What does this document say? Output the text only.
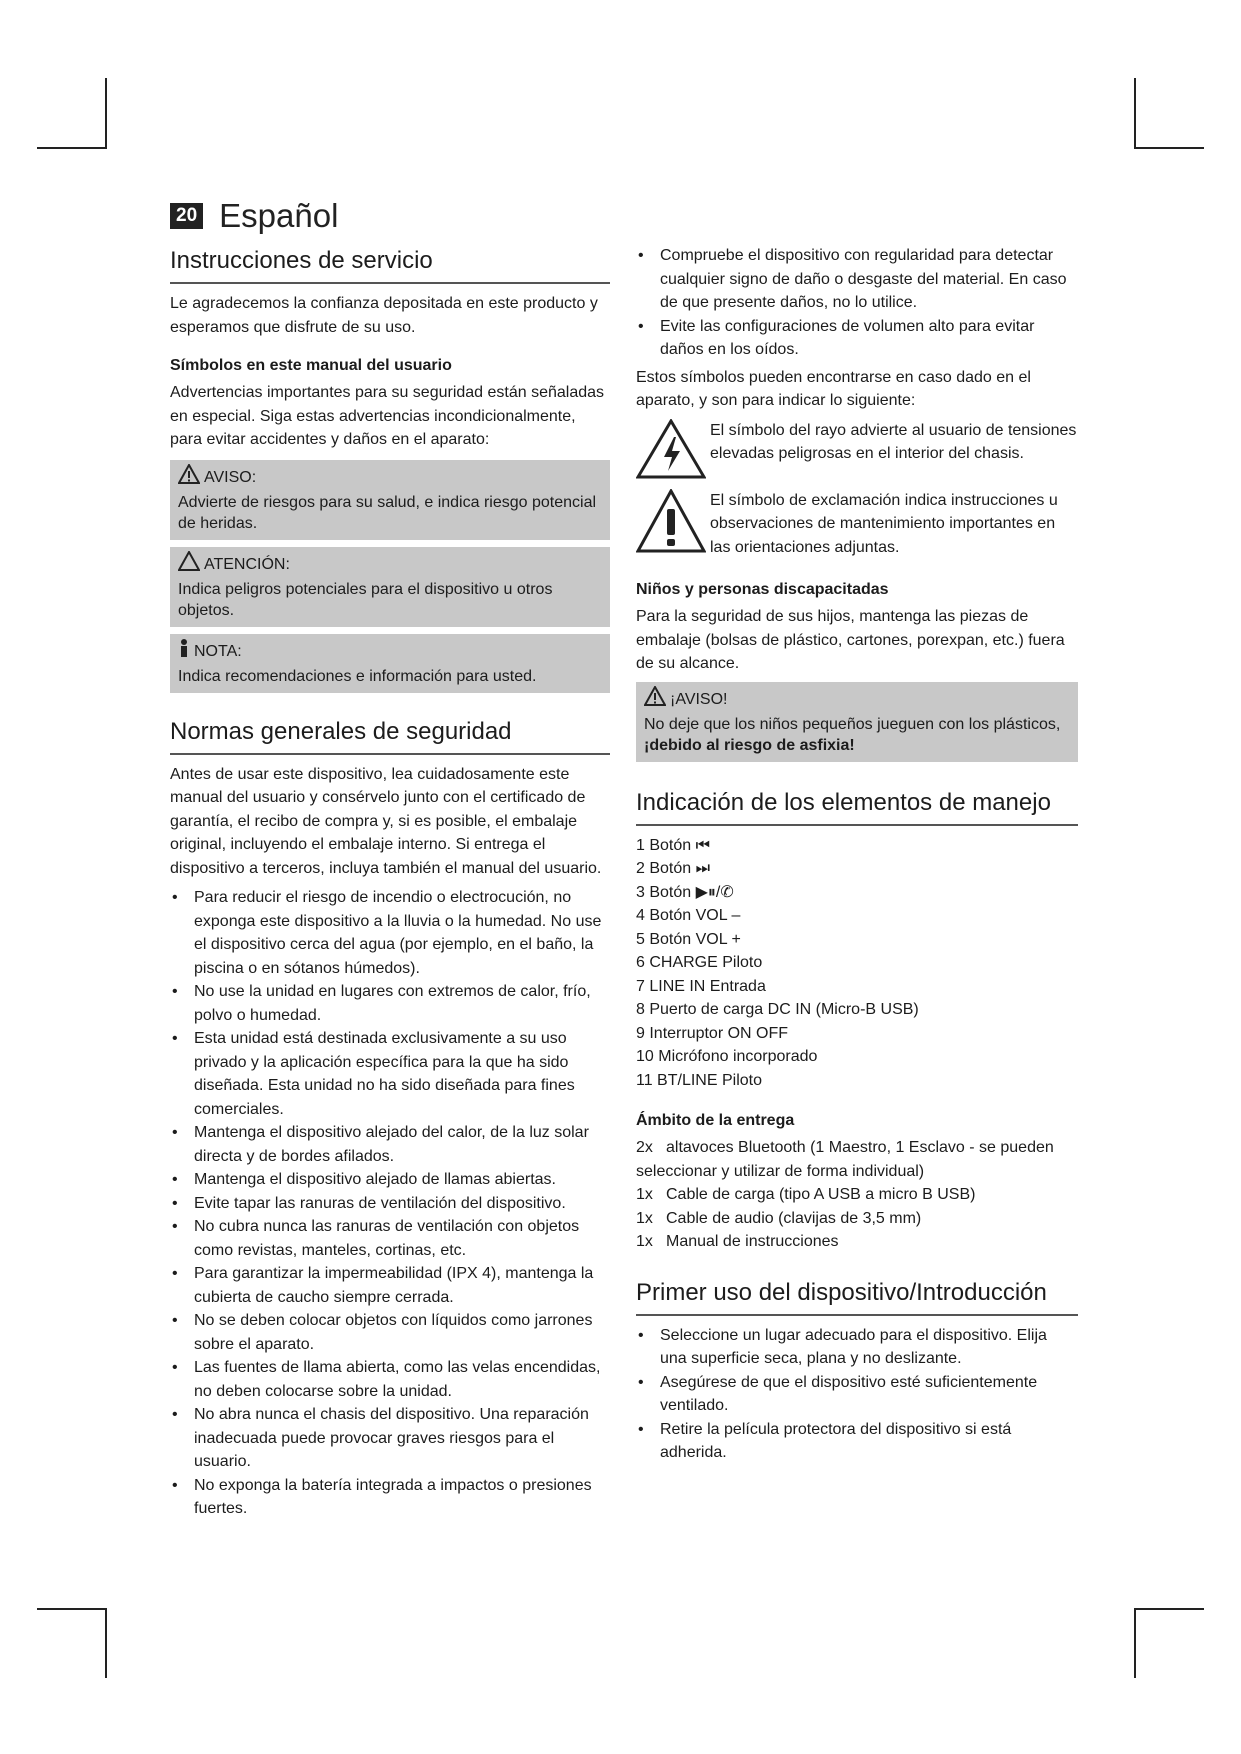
20 Español
Instrucciones de servicio

Le agradecemos la confianza depositada en este producto y esperamos que disfrute de su uso.

Símbolos en este manual del usuario

Advertencias importantes para su seguridad están señaladas en especial. Siga estas advertencias incondicionalmente, para evitar accidentes y daños en el aparato:

AVISO:

Advierte de riesgos para su salud, e indica riesgo potencial de heridas.

ATENCIÓN:

Indica peligros potenciales para el dispositivo u otros objetos.

NOTA:

Indica recomendaciones e información para usted.

Normas generales de seguridad

Antes de usar este dispositivo, lea cuidadosamente este manual del usuario y consérvelo junto con el certificado de garantía, el recibo de compra y, si es posible, el embalaje original, incluyendo el embalaje interno. Si entrega el dispositivo a terceros, incluya también el manual del usuario.

• Para reducir el riesgo de incendio o electrocución, no exponga este dispositivo a la lluvia o la humedad. No use el dispositivo cerca del agua (por ejemplo, en el baño, la piscina o en sótanos húmedos).
• No use la unidad en lugares con extremos de calor, frío, polvo o humedad.
• Esta unidad está destinada exclusivamente a su uso privado y la aplicación específica para la que ha sido diseñada. Esta unidad no ha sido diseñada para fines comerciales.
• Mantenga el dispositivo alejado del calor, de la luz solar directa y de bordes afilados.
• Mantenga el dispositivo alejado de llamas abiertas.
• Evite tapar las ranuras de ventilación del dispositivo.
• No cubra nunca las ranuras de ventilación con objetos como revistas, manteles, cortinas, etc.
• Para garantizar la impermeabilidad (IPX 4), mantenga la cubierta de caucho siempre cerrada.
• No se deben colocar objetos con líquidos como jarrones sobre el aparato.
• Las fuentes de llama abierta, como las velas encendidas, no deben colocarse sobre la unidad.
• No abra nunca el chasis del dispositivo. Una reparación inadecuada puede provocar graves riesgos para el usuario.
• No exponga la batería integrada a impactos o presiones fuertes.
• Compruebe el dispositivo con regularidad para detectar cualquier signo de daño o desgaste del material. En caso de que presente daños, no lo utilice.
• Evite las configuraciones de volumen alto para evitar daños en los oídos.

Estos símbolos pueden encontrarse en caso dado en el aparato, y son para indicar lo siguiente:

El símbolo del rayo advierte al usuario de tensiones elevadas peligrosas en el interior del chasis.

El símbolo de exclamación indica instrucciones u observaciones de mantenimiento importantes en las orientaciones adjuntas.

Niños y personas discapacitadas

Para la seguridad de sus hijos, mantenga las piezas de embalaje (bolsas de plástico, cartones, porexpan, etc.) fuera de su alcance.

¡AVISO!

No deje que los niños pequeños jueguen con los plásticos,

¡debido al riesgo de asfixia!

Indicación de los elementos de manejo
1 Botón ⏮
2 Botón ⏭
3 Botón ▶⏸/✆
4 Botón VOL –
5 Botón VOL +
6 CHARGE Piloto
7 LINE IN Entrada
8 Puerto de carga DC IN (Micro-B USB)
9 Interruptor ON OFF
10 Micrófono incorporado
11 BT/LINE Piloto
Ámbito de la entrega

2x altavoces Bluetooth (1 Maestro, 1 Esclavo - se pueden seleccionar y utilizar de forma individual)

1x Cable de carga (tipo A USB a micro B USB)

1x Cable de audio (clavijas de 3,5 mm)

1x Manual de instrucciones

Primer uso del dispositivo/Introducción
• Seleccione un lugar adecuado para el dispositivo. Elija una superficie seca, plana y no deslizante.
• Asegúrese de que el dispositivo esté suficientemente ventilado.
• Retire la película protectora del dispositivo si está adherida.
